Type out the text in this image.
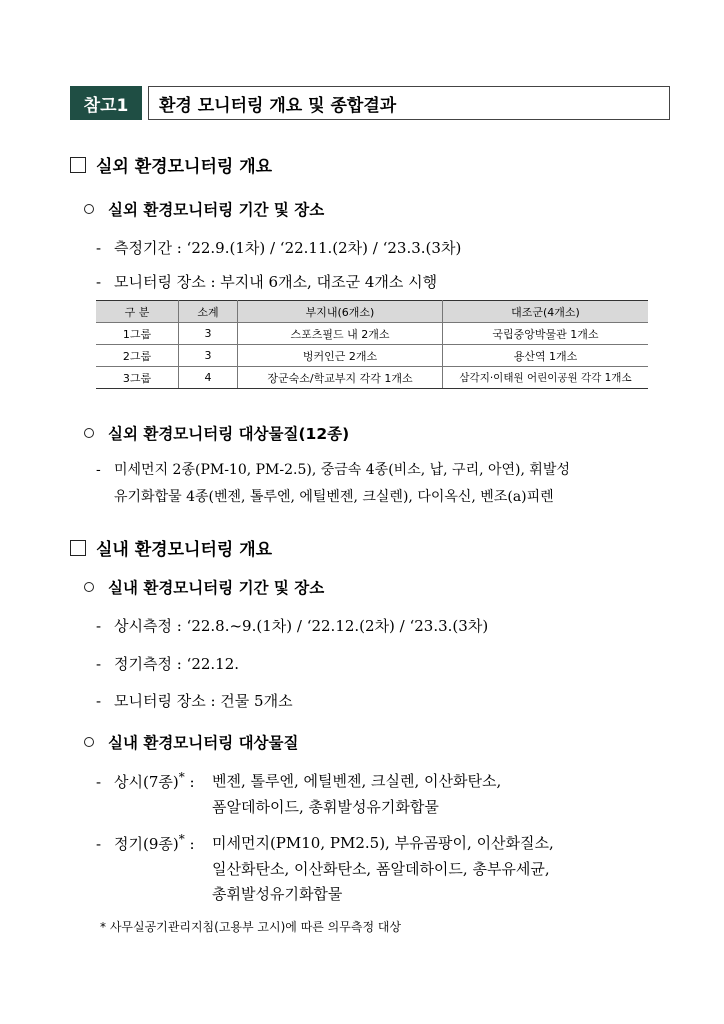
참고1	환경 모니터링 개요 및 종합결과
실외 환경모니터링 개요
실외 환경모니터링 기간 및 장소
- 측정기간 : ‘22.9.(1차) / ‘22.11.(2차) / ‘23.3.(3차)
- 모니터링 장소 : 부지내 6개소, 대조군 4개소 시행
구 분	소계	부지내(6개소)	대조군(4개소)
1그룹	3	스포츠필드 내 2개소	국립중앙박물관 1개소
2그룹	3	벙커인근 2개소	용산역 1개소
3그룹	4	장군숙소/학교부지 각각 1개소	삼각지·이태원 어린이공원 각각 1개소
실외 환경모니터링 대상물질(12종)
- 미세먼지 2종(PM-10, PM-2.5), 중금속 4종(비소, 납, 구리, 아연), 휘발성
유기화합물 4종(벤젠, 톨루엔, 에틸벤젠, 크실렌), 다이옥신, 벤조(a)피렌
실내 환경모니터링 개요
실내 환경모니터링 기간 및 장소
- 상시측정 : ‘22.8.~9.(1차) / ‘22.12.(2차) / ‘23.3.(3차)
- 정기측정 : ‘22.12.
- 모니터링 장소 : 건물 5개소
실내 환경모니터링 대상물질
- 상시(7종)* : 벤젠, 톨루엔, 에틸벤젠, 크실렌, 이산화탄소,
폼알데하이드, 총휘발성유기화합물
- 정기(9종)* : 미세먼지(PM10, PM2.5), 부유곰팡이, 이산화질소,
일산화탄소, 이산화탄소, 폼알데하이드, 총부유세균,
총휘발성유기화합물
* 사무실공기관리지침(고용부 고시)에 따른 의무측정 대상
